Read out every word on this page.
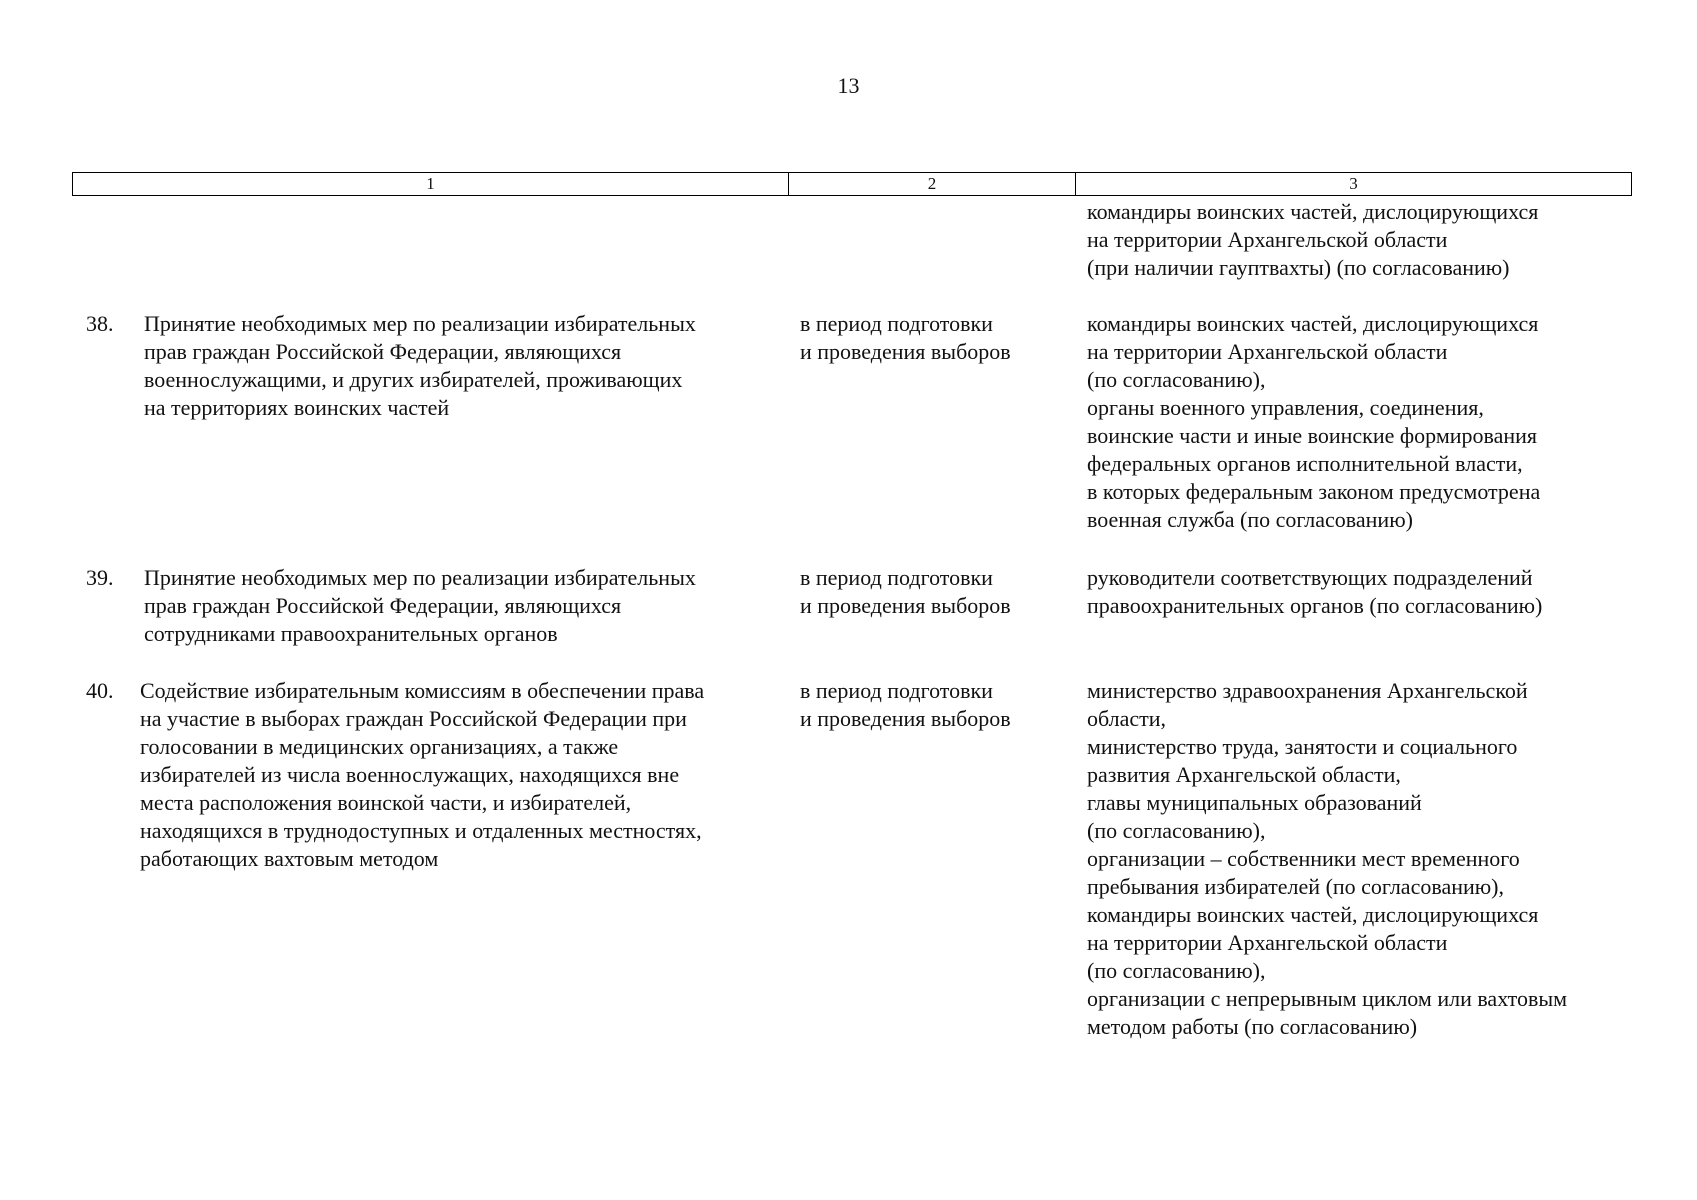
13
1	2	3
командиры воинских частей, дислоцирующихся
на территории Архангельской области
(при наличии гауптвахты) (по согласованию)
38. Принятие необходимых мер по реализации избирательных
прав граждан Российской Федерации, являющихся
военнослужащими, и других избирателей, проживающих
на территориях воинских частей
в период подготовки
и проведения выборов
командиры воинских частей, дислоцирующихся
на территории Архангельской области
(по согласованию),
органы военного управления, соединения,
воинские части и иные воинские формирования
федеральных органов исполнительной власти,
в которых федеральным законом предусмотрена
военная служба (по согласованию)
39. Принятие необходимых мер по реализации избирательных
прав граждан Российской Федерации, являющихся
сотрудниками правоохранительных органов
в период подготовки
и проведения выборов
руководители соответствующих подразделений
правоохранительных органов (по согласованию)
40. Содействие избирательным комиссиям в обеспечении права
на участие в выборах граждан Российской Федерации при
голосовании в медицинских организациях, а также
избирателей из числа военнослужащих, находящихся вне
места расположения воинской части, и избирателей,
находящихся в труднодоступных и отдаленных местностях,
работающих вахтовым методом
в период подготовки
и проведения выборов
министерство здравоохранения Архангельской
области,
министерство труда, занятости и социального
развития Архангельской области,
главы муниципальных образований
(по согласованию),
организации – собственники мест временного
пребывания избирателей (по согласованию),
командиры воинских частей, дислоцирующихся
на территории Архангельской области
(по согласованию),
организации с непрерывным циклом или вахтовым
методом работы (по согласованию)
